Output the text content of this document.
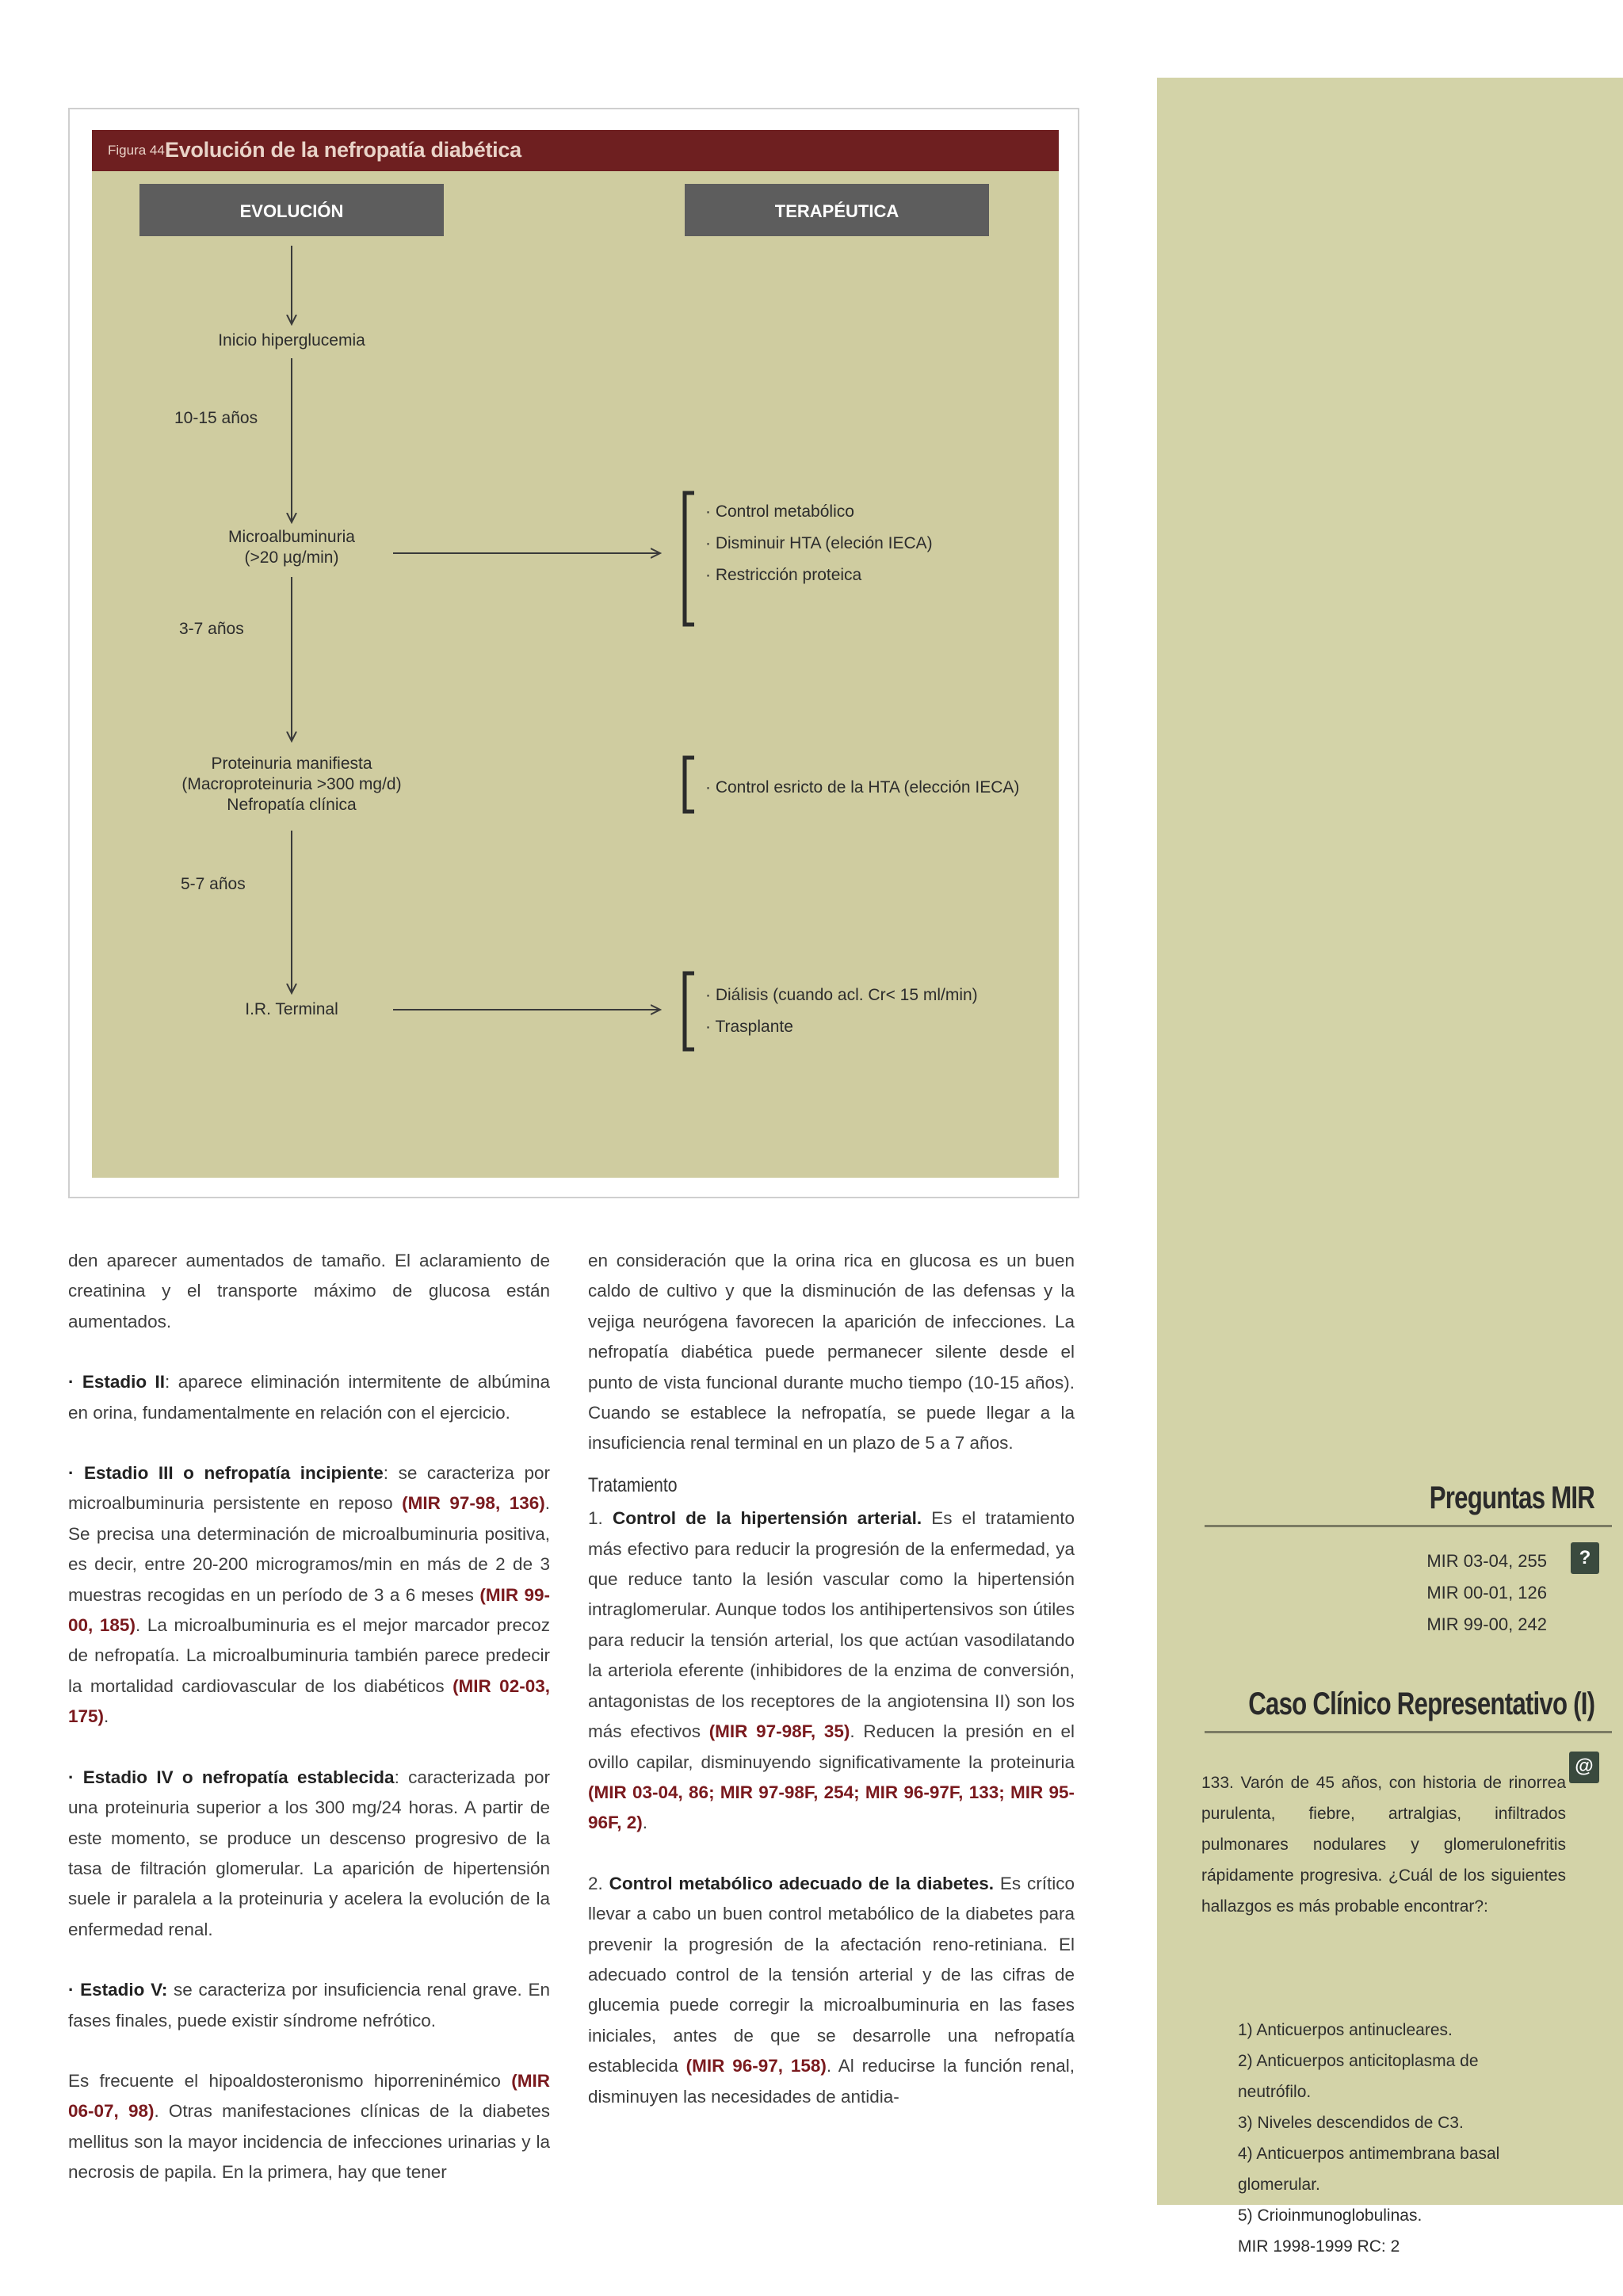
Figura 44 Evolución de la nefropatía diabética
EVOLUCIÓN	TERAPÉUTICA
Inicio hiperglucemia
10-15 años
Microalbuminuria
(>20 µg/min)
3-7 años
Proteinuria manifiesta
(Macroproteinuria >300 mg/d)
Nefropatía clínica
5-7 años
I.R. Terminal
· Control metabólico
· Disminuir HTA (eleción IECA)
· Restricción proteica
· Control esricto de la HTA (elección IECA)
· Diálisis (cuando acl. Cr< 15 ml/min)
· Trasplante

den aparecer aumentados de tamaño. El aclaramiento de creatinina y el transporte máximo de glucosa están aumentados.

· Estadio II: aparece eliminación intermitente de albúmina en orina, fundamentalmente en relación con el ejercicio.

· Estadio III o nefropatía incipiente: se caracteriza por microalbuminuria persistente en reposo (MIR 97-98, 136). Se precisa una determinación de microalbuminuria positiva, es decir, entre 20-200 microgramos/min en más de 2 de 3 muestras recogidas en un período de 3 a 6 meses (MIR 99-00, 185). La microalbuminuria es el mejor marcador precoz de nefropatía. La microalbuminuria también parece predecir la mortalidad cardiovascular de los diabéticos (MIR 02-03, 175).

· Estadio IV o nefropatía establecida: caracterizada por una proteinuria superior a los 300 mg/24 horas. A partir de este momento, se produce un descenso progresivo de la tasa de filtración glomerular. La aparición de hipertensión suele ir paralela a la proteinuria y acelera la evolución de la enfermedad renal.

· Estadio V: se caracteriza por insuficiencia renal grave. En fases finales, puede existir síndrome nefrótico.

Es frecuente el hipoaldosteronismo hiporreninémico (MIR 06-07, 98). Otras manifestaciones clínicas de la diabetes mellitus son la mayor incidencia de infecciones urinarias y la necrosis de papila. En la primera, hay que tener

en consideración que la orina rica en glucosa es un buen caldo de cultivo y que la disminución de las defensas y la vejiga neurógena favorecen la aparición de infecciones. La nefropatía diabética puede permanecer silente desde el punto de vista funcional durante mucho tiempo (10-15 años). Cuando se establece la nefropatía, se puede llegar a la insuficiencia renal terminal en un plazo de 5 a 7 años.

Tratamiento

1. Control de la hipertensión arterial. Es el tratamiento más efectivo para reducir la progresión de la enfermedad, ya que reduce tanto la lesión vascular como la hipertensión intraglomerular. Aunque todos los antihipertensivos son útiles para reducir la tensión arterial, los que actúan vasodilatando la arteriola eferente (inhibidores de la enzima de conversión, antagonistas de los receptores de la angiotensina II) son los más efectivos (MIR 97-98F, 35). Reducen la presión en el ovillo capilar, disminuyendo significativamente la proteinuria (MIR 03-04, 86; MIR 97-98F, 254; MIR 96-97F, 133; MIR 95-96F, 2).

2. Control metabólico adecuado de la diabetes. Es crítico llevar a cabo un buen control metabólico de la diabetes para prevenir la progresión de la afectación reno-retiniana. El adecuado control de la tensión arterial y de las cifras de glucemia puede corregir la microalbuminuria en las fases iniciales, antes de que se desarrolle una nefropatía establecida (MIR 96-97, 158). Al reducirse la función renal, disminuyen las necesidades de antidia-

Preguntas MIR
MIR 03-04, 255
MIR 00-01, 126
MIR 99-00, 242
?
Caso Clínico Representativo (I)
@
133. Varón de 45 años, con historia de rinorrea purulenta, fiebre, artralgias, infiltrados pulmonares nodulares y glomerulonefritis rápidamente progresiva. ¿Cuál de los siguientes hallazgos es más probable encontrar?:
1) Anticuerpos antinucleares.
2) Anticuerpos anticitoplasma de neutrófilo.
3) Niveles descendidos de C3.
4) Anticuerpos antimembrana basal glomerular.
5) Crioinmunoglobulinas.
MIR 1998-1999 RC: 2
